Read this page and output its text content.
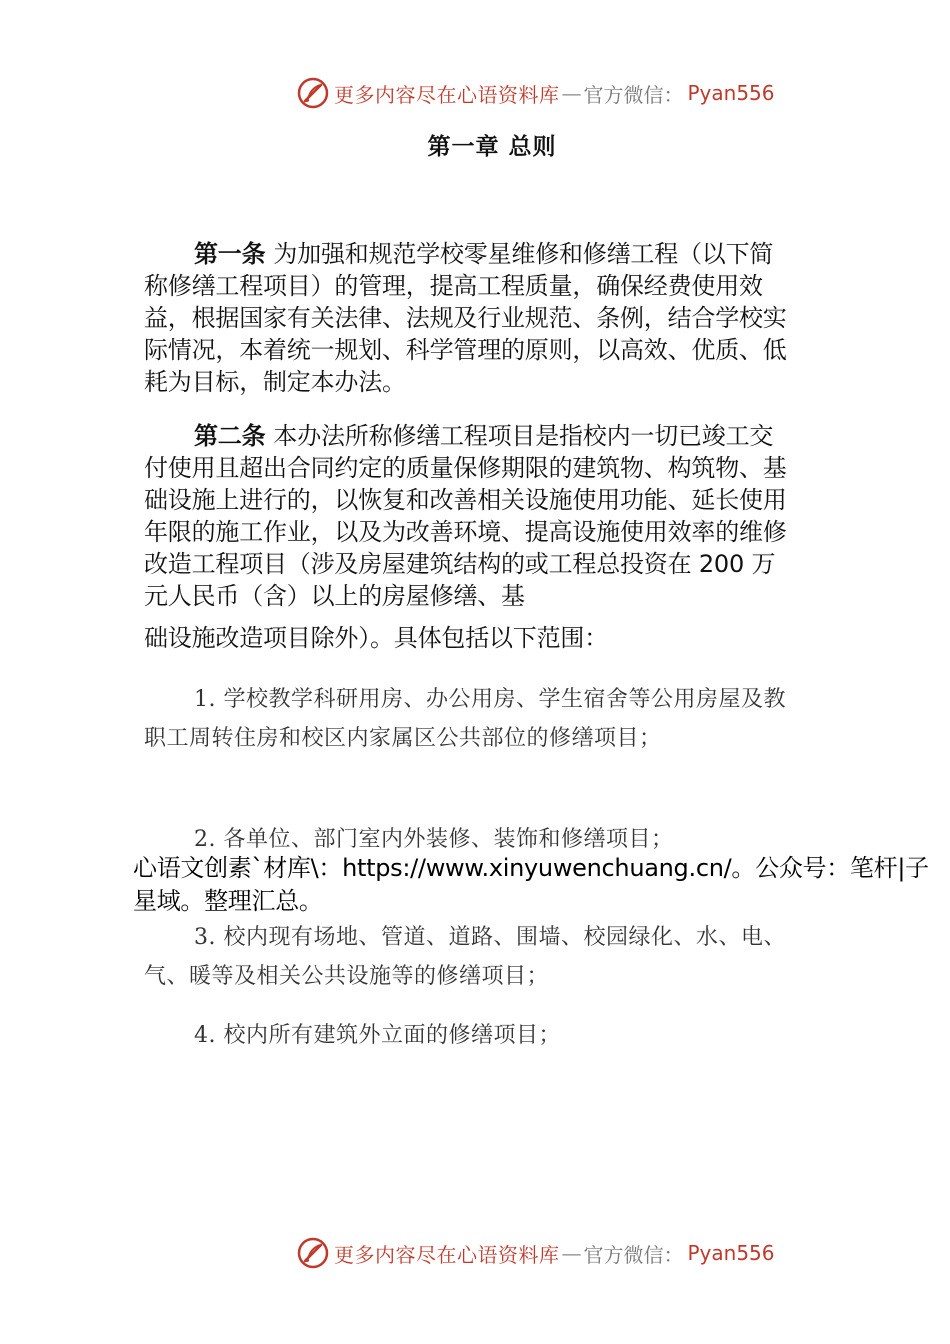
更多内容尽在心语资料库 — 官方微信： Pyan556
第一章 总则
第一条 为加强和规范学校零星维修和修缮工程（以下简称修缮工程项目）的管理，提高工程质量，确保经费使用效益，根据国家有关法律、法规及行业规范、条例，结合学校实际情况，本着统一规划、科学管理的原则，以高效、优质、低耗为目标，制定本办法。
第二条 本办法所称修缮工程项目是指校内一切已竣工交付使用且超出合同约定的质量保修期限的建筑物、构筑物、基础设施上进行的，以恢复和改善相关设施使用功能、延长使用年限的施工作业，以及为改善环境、提高设施使用效率的维修改造工程项目（涉及房屋建筑结构的或工程总投资在 200 万元人民币（含）以上的房屋修缮、基
础设施改造项目除外）。具体包括以下范围：
1. 学校教学科研用房、办公用房、学生宿舍等公用房屋及教职工周转住房和校区内家属区公共部位的修缮项目；
2. 各单位、部门室内外装修、装饰和修缮项目；
3. 校内现有场地、管道、道路、围墙、校园绿化、水、电、气、暖等及相关公共设施等的修缮项目；
4. 校内所有建筑外立面的修缮项目；
心语文创素`材库\：https://www.xinyuwenchuang.cn/。公众号：笔杆|子星域。整理汇总。
更多内容尽在心语资料库 — 官方微信： Pyan556
